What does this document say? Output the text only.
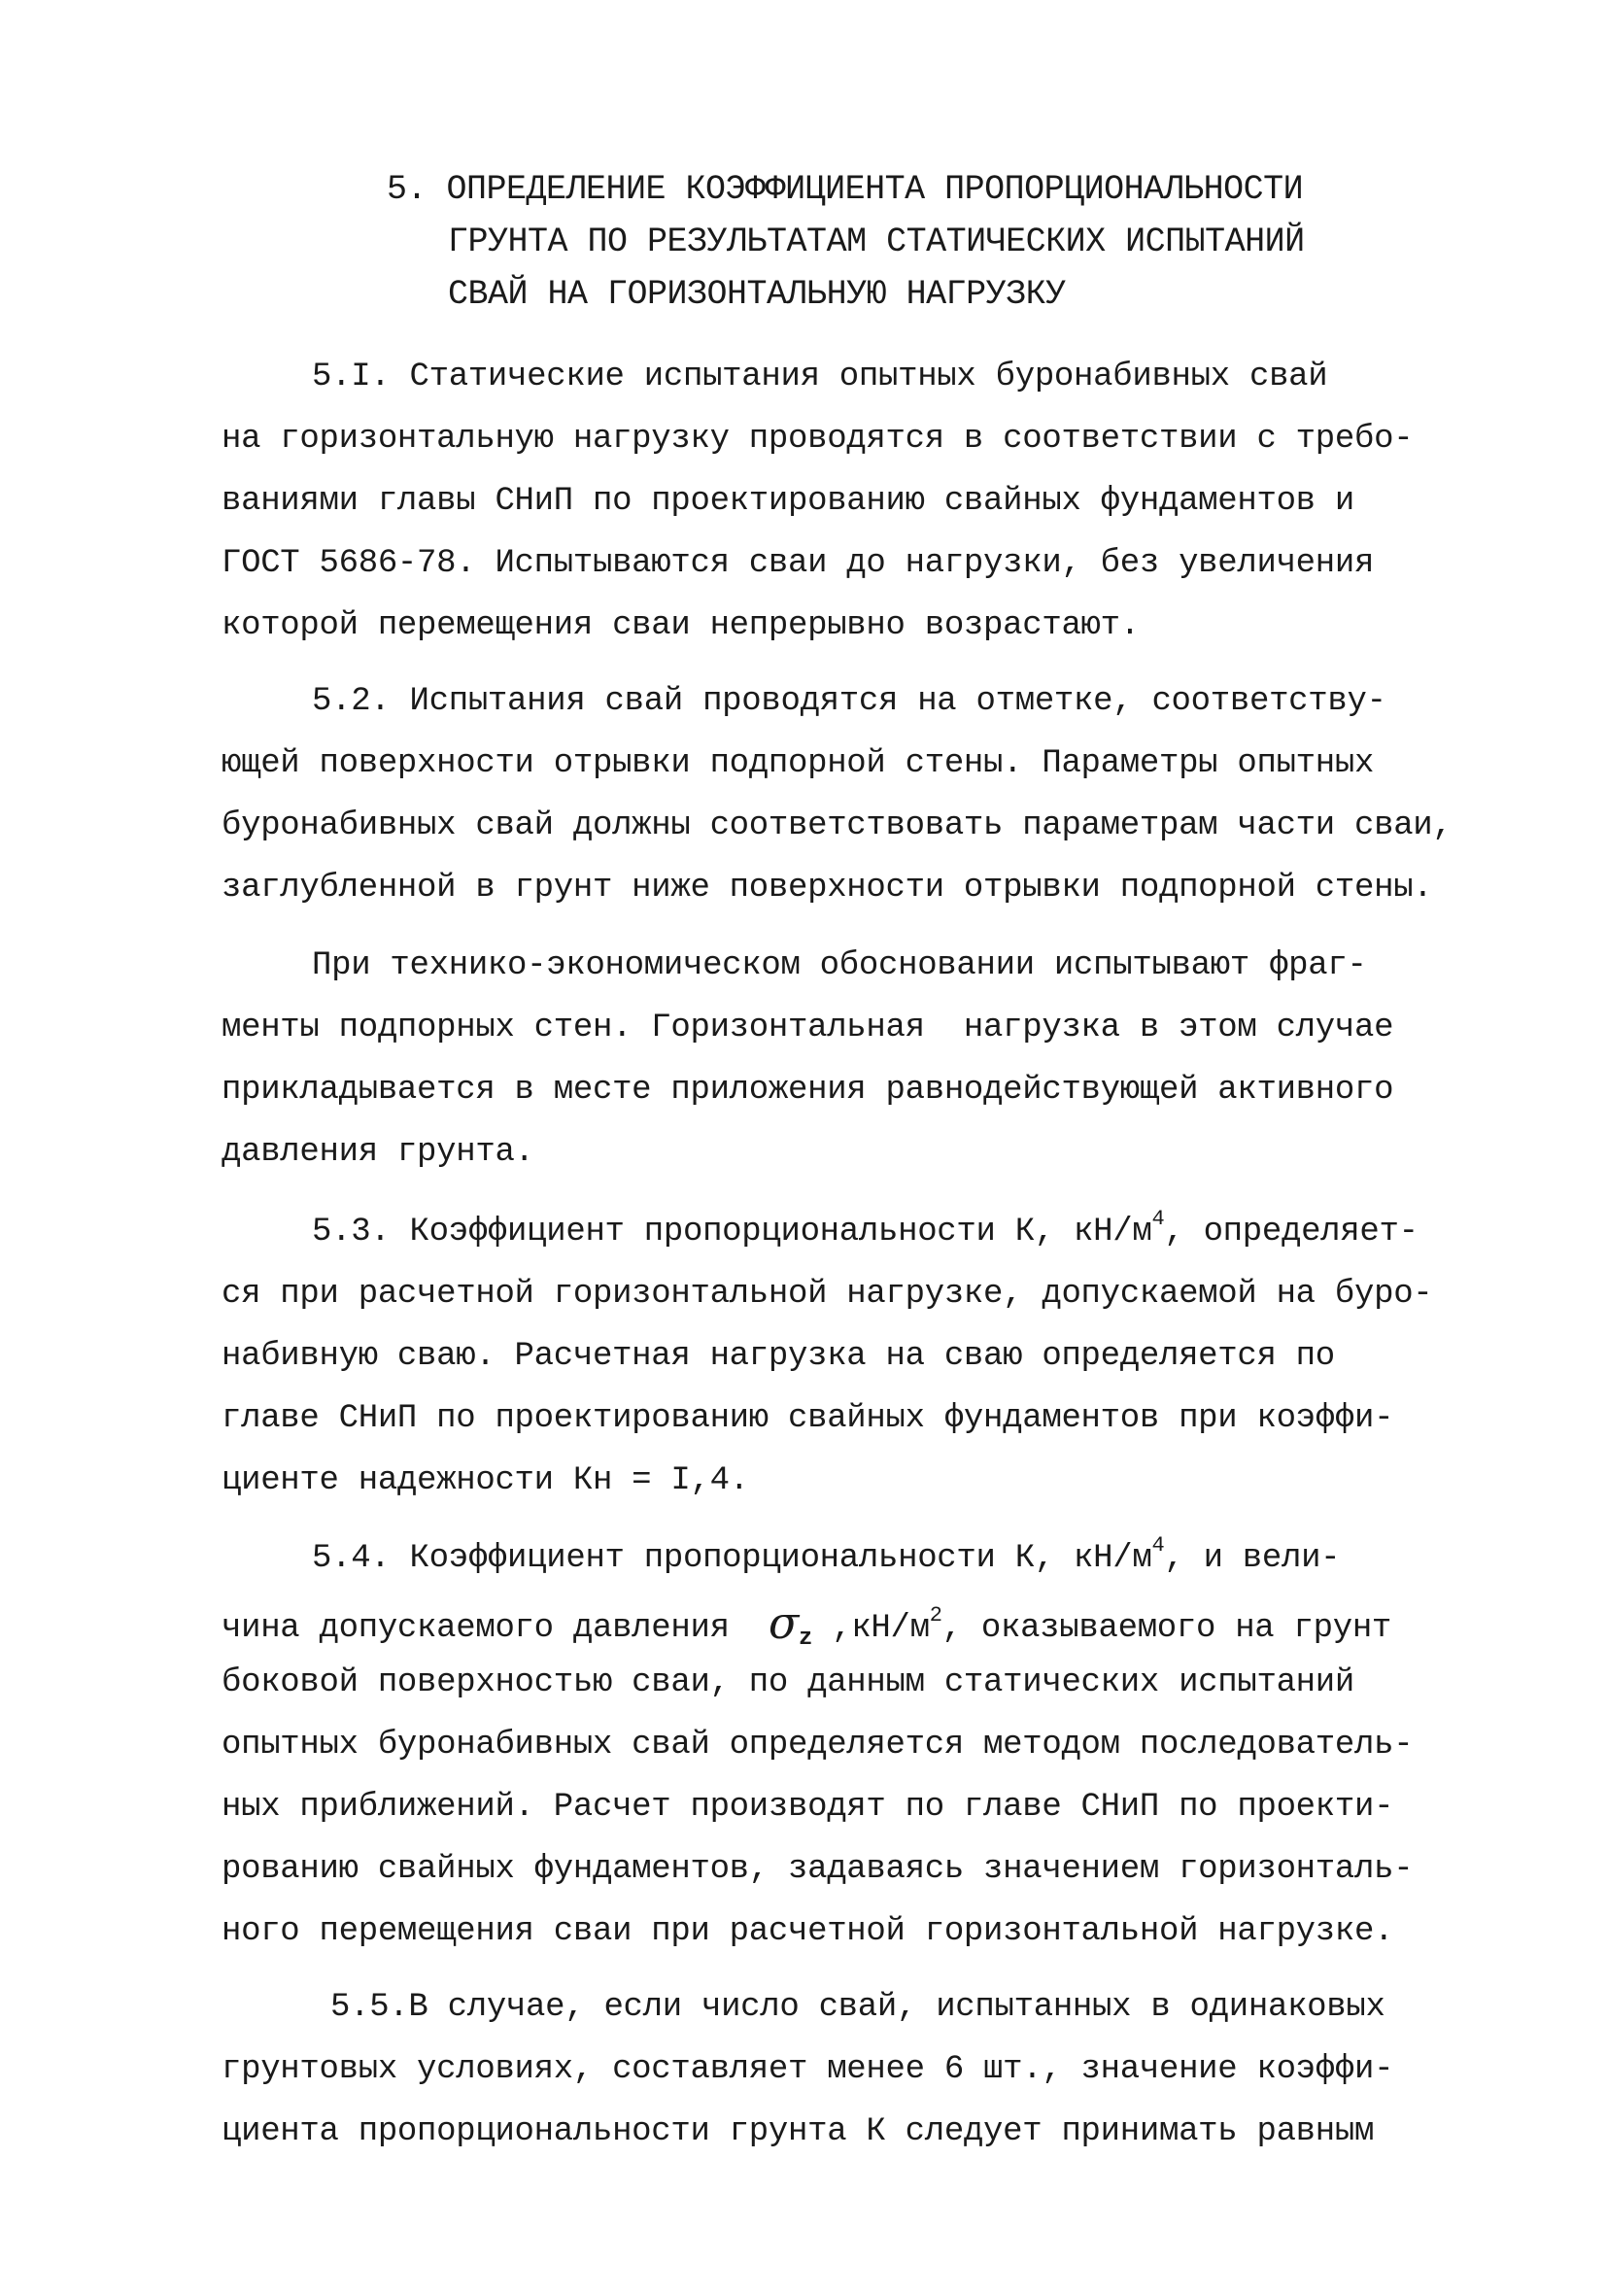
5. ОПРЕДЕЛЕНИЕ КОЭФФИЦИЕНТА ПРОПОРЦИОНАЛЬНОСТИ
ГРУНТА ПО РЕЗУЛЬТАТАМ СТАТИЧЕСКИХ ИСПЫТАНИЙ
СВАЙ НА ГОРИЗОНТАЛЬНУЮ НАГРУЗКУ
5.I. Статические испытания опытных буронабивных свай
на горизонтальную нагрузку проводятся в соответствии с требо-
ваниями главы СНиП по проектированию свайных фундаментов и
ГОСТ 5686-78. Испытываются сваи до нагрузки, без увеличения
которой перемещения сваи непрерывно возрастают.
5.2. Испытания свай проводятся на отметке, соответству-
ющей поверхности отрывки подпорной стены. Параметры опытных
буронабивных свай должны соответствовать параметрам части сваи,
заглубленной в грунт ниже поверхности отрывки подпорной стены.
При технико-экономическом обосновании испытывают фраг-
менты подпорных стен. Горизонтальная  нагрузка в этом случае
прикладывается в месте приложения равнодействующей активного
давления грунта.
5.3. Коэффициент пропорциональности К, $кН/м^4$, определяет-
ся при расчетной горизонтальной нагрузке, допускаемой на буро-
набивную сваю. Расчетная нагрузка на сваю определяется по
главе СНиП по проектированию свайных фундаментов при коэффи-
циенте надежности Кн = I,4.
5.4. Коэффициент пропорциональности К, $кН/м^4$, и вели-
чина допускаемого давления  $\sigma_z$ $,кН/м^2$, оказываемого на грунт
боковой поверхностью сваи, по данным статических испытаний
опытных буронабивных свай определяется методом последователь-
ных приближений. Расчет производят по главе СНиП по проекти-
рованию свайных фундаментов, задаваясь значением горизонталь-
ного перемещения сваи при расчетной горизонтальной нагрузке.
5.5.В случае, если число свай, испытанных в одинаковых
грунтовых условиях, составляет менее 6 шт., значение коэффи-
циента пропорциональности грунта К следует принимать равным
